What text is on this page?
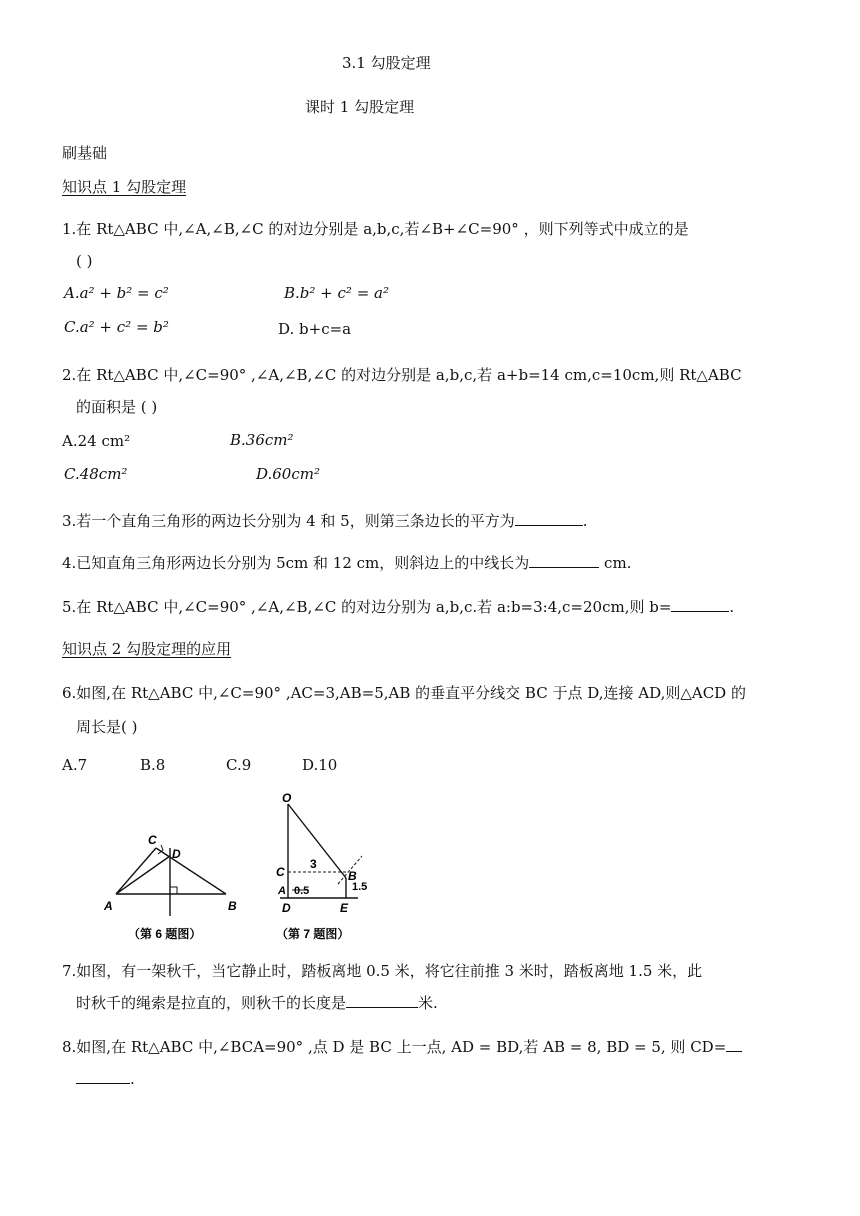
3.1 勾股定理
课时 1 勾股定理
刷基础
知识点 1 勾股定理
1.在 Rt△ABC 中,∠A,∠B,∠C 的对边分别是 a,b,c,若∠B+∠C=90° ，则下列等式中成立的是
( )
A.a² + b² = c²	B.b² + c² = a²
C.a² + c² = b²	D. b+c=a
2.在 Rt△ABC 中,∠C=90° ,∠A,∠B,∠C 的对边分别是 a,b,c,若 a+b=14 cm,c=10cm,则 Rt△ABC
的面积是 ( )
A.24 cm²	B.36cm²
C.48cm²	D.60cm²
3.若一个直角三角形的两边长分别为 4 和 5，则第三条边长的平方为	.
4.已知直角三角形两边长分别为 5cm 和 12 cm，则斜边上的中线长为	cm.
5.在 Rt△ABC 中,∠C=90° ,∠A,∠B,∠C 的对边分别为 a,b,c.若 a:b=3:4,c=20cm,则 b=	.
知识点 2 勾股定理的应用
6.如图,在 Rt△ABC 中,∠C=90° ,AC=3,AB=5,AB 的垂直平分线交 BC 于点 D,连接 AD,则△ACD 的
周长是( )
A.7	B.8	C.9	D.10
A	B
C
D
（第 6 题图）
O
C
3
B
1.5
A 0.5
D	E
（第 7 题图）
7.如图，有一架秋千，当它静止时，踏板离地 0.5 米，将它往前推 3 米时，踏板离地 1.5 米，此
时秋千的绳索是拉直的，则秋千的长度是	米.
8.如图,在 Rt△ABC 中,∠BCA=90° ,点 D 是 BC 上一点, AD = BD,若 AB = 8, BD = 5, 则 CD=
.
